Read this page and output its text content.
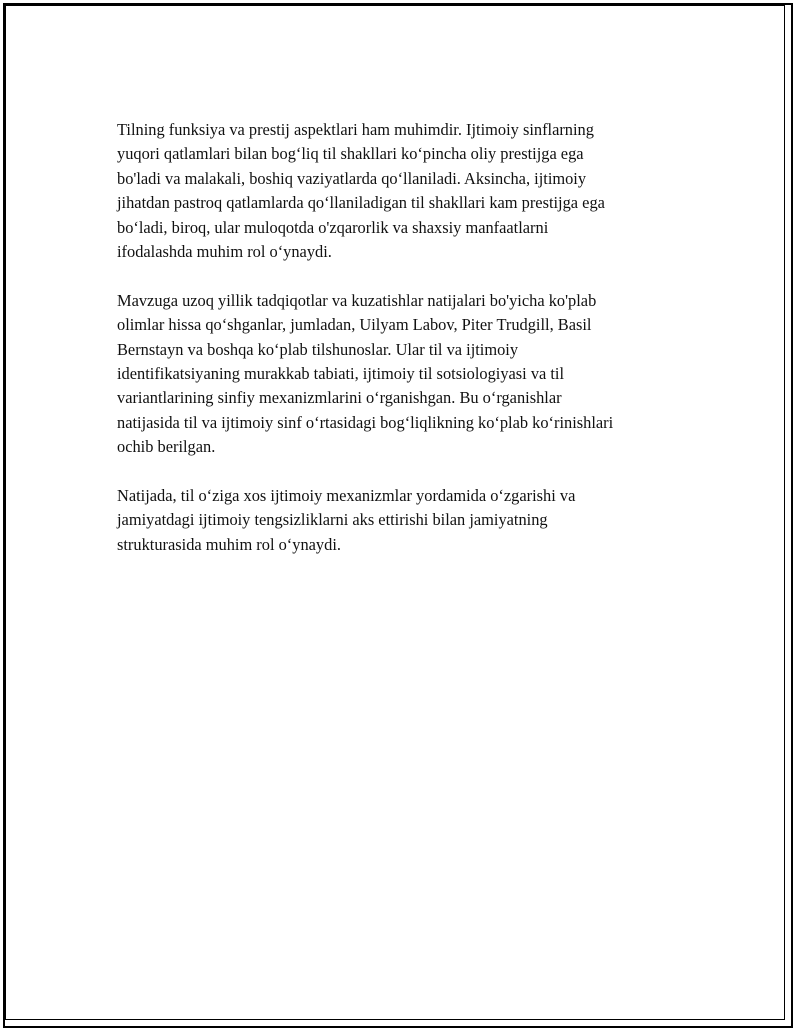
Tilning funksiya va prestij aspektlari ham muhimdir. Ijtimoiy sinflarning
yuqori qatlamlari bilan bog‘liq til shakllari ko‘pincha oliy prestijga ega
bo'ladi va malakali, boshiq vaziyatlarda qo‘llaniladi. Aksincha, ijtimoiy
jihatdan pastroq qatlamlarda qo‘llaniladigan til shakllari kam prestijga ega
bo‘ladi, biroq, ular muloqotda o'zqarorlik va shaxsiy manfaatlarni
ifodalashda muhim rol o‘ynaydi.
Mavzuga uzoq yillik tadqiqotlar va kuzatishlar natijalari bo'yicha ko'plab
olimlar hissa qo‘shganlar, jumladan, Uilyam Labov, Piter Trudgill, Basil
Bernstayn va boshqa ko‘plab tilshunoslar. Ular til va ijtimoiy
identifikatsiyaning murakkab tabiati, ijtimoiy til sotsiologiyasi va til
variantlarining sinfiy mexanizmlarini o‘rganishgan. Bu o‘rganishlar
natijasida til va ijtimoiy sinf o‘rtasidagi bog‘liqlikning ko‘plab ko‘rinishlari
ochib berilgan.
Natijada, til o‘ziga xos ijtimoiy mexanizmlar yordamida o‘zgarishi va
jamiyatdagi ijtimoiy tengsizliklarni aks ettirishi bilan jamiyatning
strukturasida muhim rol o‘ynaydi.
